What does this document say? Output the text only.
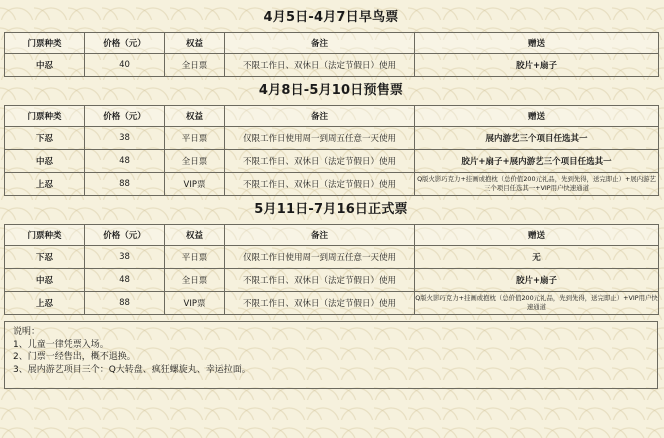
4月5日-4月7日早鸟票
门票种类	价格（元）	权益	备注	赠送
中忍	40	全日票	不限工作日、双休日（法定节假日）使用	胶片+扇子
4月8日-5月10日预售票
门票种类	价格（元）	权益	备注	赠送
下忍	38	平日票	仅限工作日使用周一到周五任意一天使用	展内游艺三个项目任选其一
中忍	48	全日票	不限工作日、双休日（法定节假日）使用	胶片+扇子+展内游艺三个项目任选其一
上忍	88	VIP票	不限工作日、双休日（法定节假日）使用	Q版火影巧克力+挂画或抱枕（总价值200元礼品，先到先得，送完即止）+展内游艺三个项目任选其一+VIP用户快速通道
5月11日-7月16日正式票
门票种类	价格（元）	权益	备注	赠送
下忍	38	平日票	仅限工作日使用周一到周五任意一天使用	无
中忍	48	全日票	不限工作日、双休日（法定节假日）使用	胶片+扇子
上忍	88	VIP票	不限工作日、双休日（法定节假日）使用	Q版火影巧克力+挂画或抱枕（总价值200元礼品，先到先得，送完即止）+VIP用户快速通道
说明：
1、儿童一律凭票入场。
2、门票一经售出，概不退换。
3、展内游艺项目三个：Q大转盘、疯狂螺旋丸、幸运拉面。
